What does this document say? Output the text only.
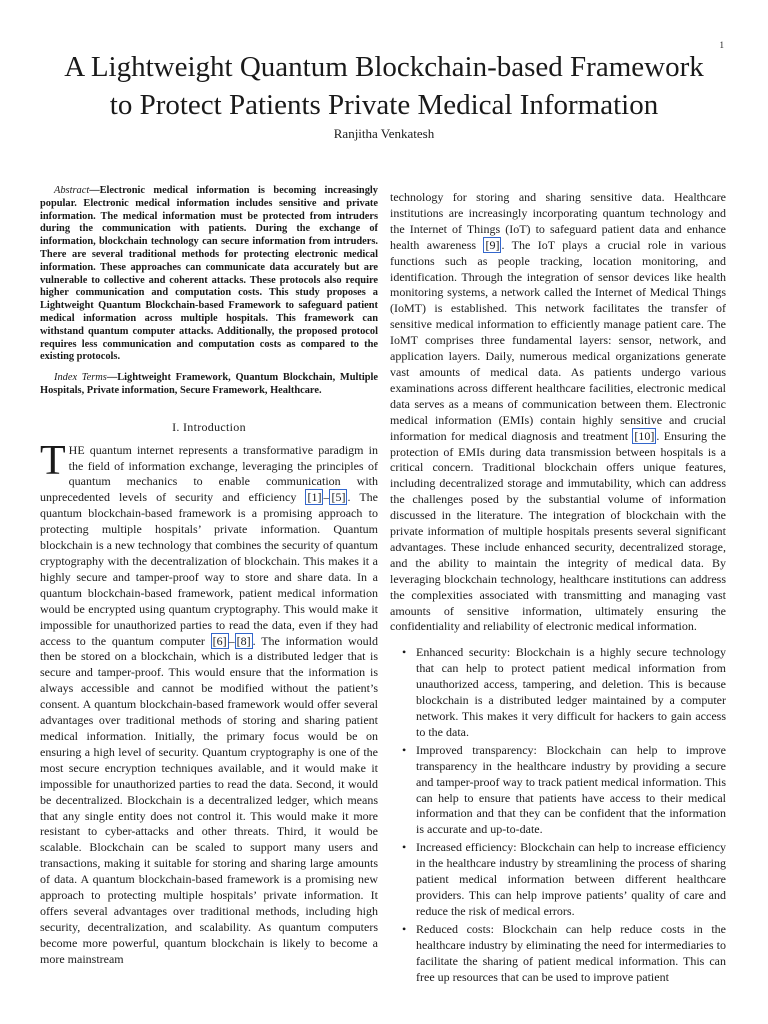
1
A Lightweight Quantum Blockchain-based Framework
to Protect Patients Private Medical Information
Ranjitha Venkatesh

Abstract—Electronic medical information is becoming increasingly popular. Electronic medical information includes sensitive and private information. The medical information must be protected from intruders during the communication with patients. During the exchange of information, blockchain technology can secure information from intruders. There are several traditional methods for protecting electronic medical information. These approaches can communicate data accurately but are vulnerable to collective and coherent attacks. These protocols also require higher communication and computation costs. This study proposes a Lightweight Quantum Blockchain-based Framework to safeguard patient medical information across multiple hospitals. This framework can withstand quantum computer attacks. Additionally, the proposed protocol requires less communication and computation costs as compared to the existing protocols.

Index Terms—Lightweight Framework, Quantum Blockchain, Multiple Hospitals, Private information, Secure Framework, Healthcare.

I. Introduction

THE quantum internet represents a transformative paradigm in the field of information exchange, leveraging the principles of quantum mechanics to enable communication with unprecedented levels of security and efficiency [1] – [5] . The quantum blockchain-based framework is a promising approach to protecting multiple hospitals’ private information. Quantum blockchain is a new technology that combines the security of quantum cryptography with the decentralization of blockchain. This makes it a highly secure and tamper-proof way to store and share data. In a quantum blockchain-based framework, patient medical information would be encrypted using quantum cryptography. This would make it impossible for unauthorized parties to read the data, even if they had access to the quantum computer [6] – [8] . The information would then be stored on a blockchain, which is a distributed ledger that is secure and tamper-proof. This would ensure that the information is always accessible and cannot be modified without the patient’s consent. A quantum blockchain-based framework would offer several advantages over traditional methods of storing and sharing patient medical information. Initially, the primary focus would be on ensuring a high level of security. Quantum cryptography is one of the most secure encryption techniques available, and it would make it impossible for unauthorized parties to read the data. Second, it would be decentralized. Blockchain is a decentralized ledger, which means that any single entity does not control it. This would make it more resistant to cyber-attacks and other threats. Third, it would be scalable. Blockchain can be scaled to support many users and transactions, making it suitable for storing and sharing large amounts of data. A quantum blockchain-based framework is a promising new approach to protecting multiple hospitals’ private information. It offers several advantages over traditional methods, including high security, decentralization, and scalability. As quantum computers become more powerful, quantum blockchain is likely to become a more mainstream

technology for storing and sharing sensitive data. Healthcare institutions are increasingly incorporating quantum technology and the Internet of Things (IoT) to safeguard patient data and enhance health awareness [9] . The IoT plays a crucial role in various functions such as people tracking, location monitoring, and identification. Through the integration of sensor devices like health monitoring systems, a network called the Internet of Medical Things (IoMT) is established. This network facilitates the transfer of sensitive medical information to efficiently manage patient care. The IoMT comprises three fundamental layers: sensor, network, and application layers. Daily, numerous medical organizations generate vast amounts of medical data. As patients undergo various examinations across different healthcare facilities, electronic medical data serves as a means of communication between them. Electronic medical information (EMIs) contain highly sensitive and crucial information for medical diagnosis and treatment [10] . Ensuring the protection of EMIs during data transmission between hospitals is a critical concern. Traditional blockchain offers unique features, including decentralized storage and immutability, which can address the challenges posed by the substantial volume of information discussed in the literature. The integration of blockchain with the private information of multiple hospitals presents several significant advantages. These include enhanced security, decentralized storage, and the ability to maintain the integrity of medical data. By leveraging blockchain technology, healthcare institutions can address the complexities associated with transmitting and managing vast amounts of sensitive information, ultimately ensuring the confidentiality and reliability of electronic medical information.

• Enhanced security: Blockchain is a highly secure technology that can help to protect patient medical information from unauthorized access, tampering, and deletion. This is because blockchain is a distributed ledger maintained by a computer network. This makes it very difficult for hackers to gain access to the data.
• Improved transparency: Blockchain can help to improve transparency in the healthcare industry by providing a secure and tamper-proof way to track patient medical information. This can help to ensure that patients have access to their medical information and that they can be confident that the information is accurate and up-to-date.
• Increased efficiency: Blockchain can help to increase efficiency in the healthcare industry by streamlining the process of sharing patient medical information between different healthcare providers. This can help improve patients’ quality of care and reduce the risk of medical errors.
• Reduced costs: Blockchain can help reduce costs in the healthcare industry by eliminating the need for intermediaries to facilitate the sharing of patient medical information. This can free up resources that can be used to improve patient
